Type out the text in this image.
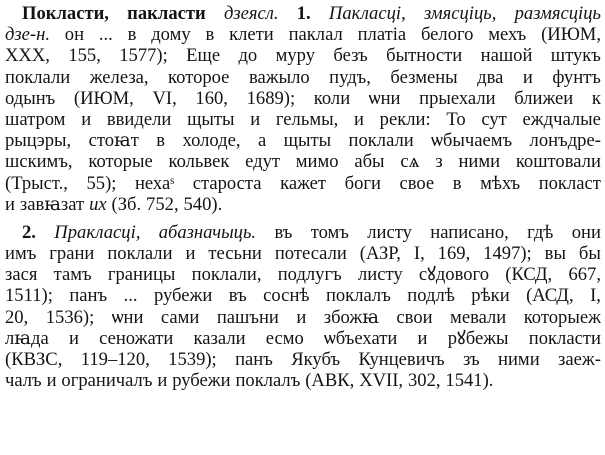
Покласти, пакласти дзеясл. 1. Пакласці, змясціць, размясціць
дзе-н. он ... в дому в клети паклал платіа белого мехъ (ИЮМ,
XXX, 155, 1577); Еще до муру безъ бытности нашой штукъ
поклали железа, которое важыло пудъ, безмены два и фунтъ
одынъ (ИЮМ, VI, 160, 1689); коли ѡни прыехали ближеи к
шатром и ввидели щыты и гельмы, и рекли: То сут еждчалые
рыцэры, стоꙗт в холоде, а щыты поклали ѡбычаемъ лонъдре-
шскимъ, которые кольвек едут мимо абы сѧ з ними коштовали
(Трыст., 55); нехаˢ староста кажет боги свое в мѣхъ покласт
и завꙗзат их (Зб. 752, 540).
2. Пракласці, абазначыць. въ томъ листу написано, гдѣ они
имъ грани поклали и тесьни потесали (АЗР, I, 169, 1497); вы бы
зася тамъ границы поклали, подлугъ листу сꙋдового (КСД, 667,
1511); панъ ... рубежи въ соснѣ поклалъ подлѣ рѣки (АСД, I,
20, 1536); ѡни сами пашъни и збожꙗ свои мевали которыеж
лꙗда и сеножати казали есмо ѡбъехати и рꙋбежы покласти
(КВЗС, 119–120, 1539); панъ Якубъ Кунцевичъ зъ ними заеж-
чалъ и ограничалъ и рубежи поклалъ (АВК, XVII, 302, 1541).
